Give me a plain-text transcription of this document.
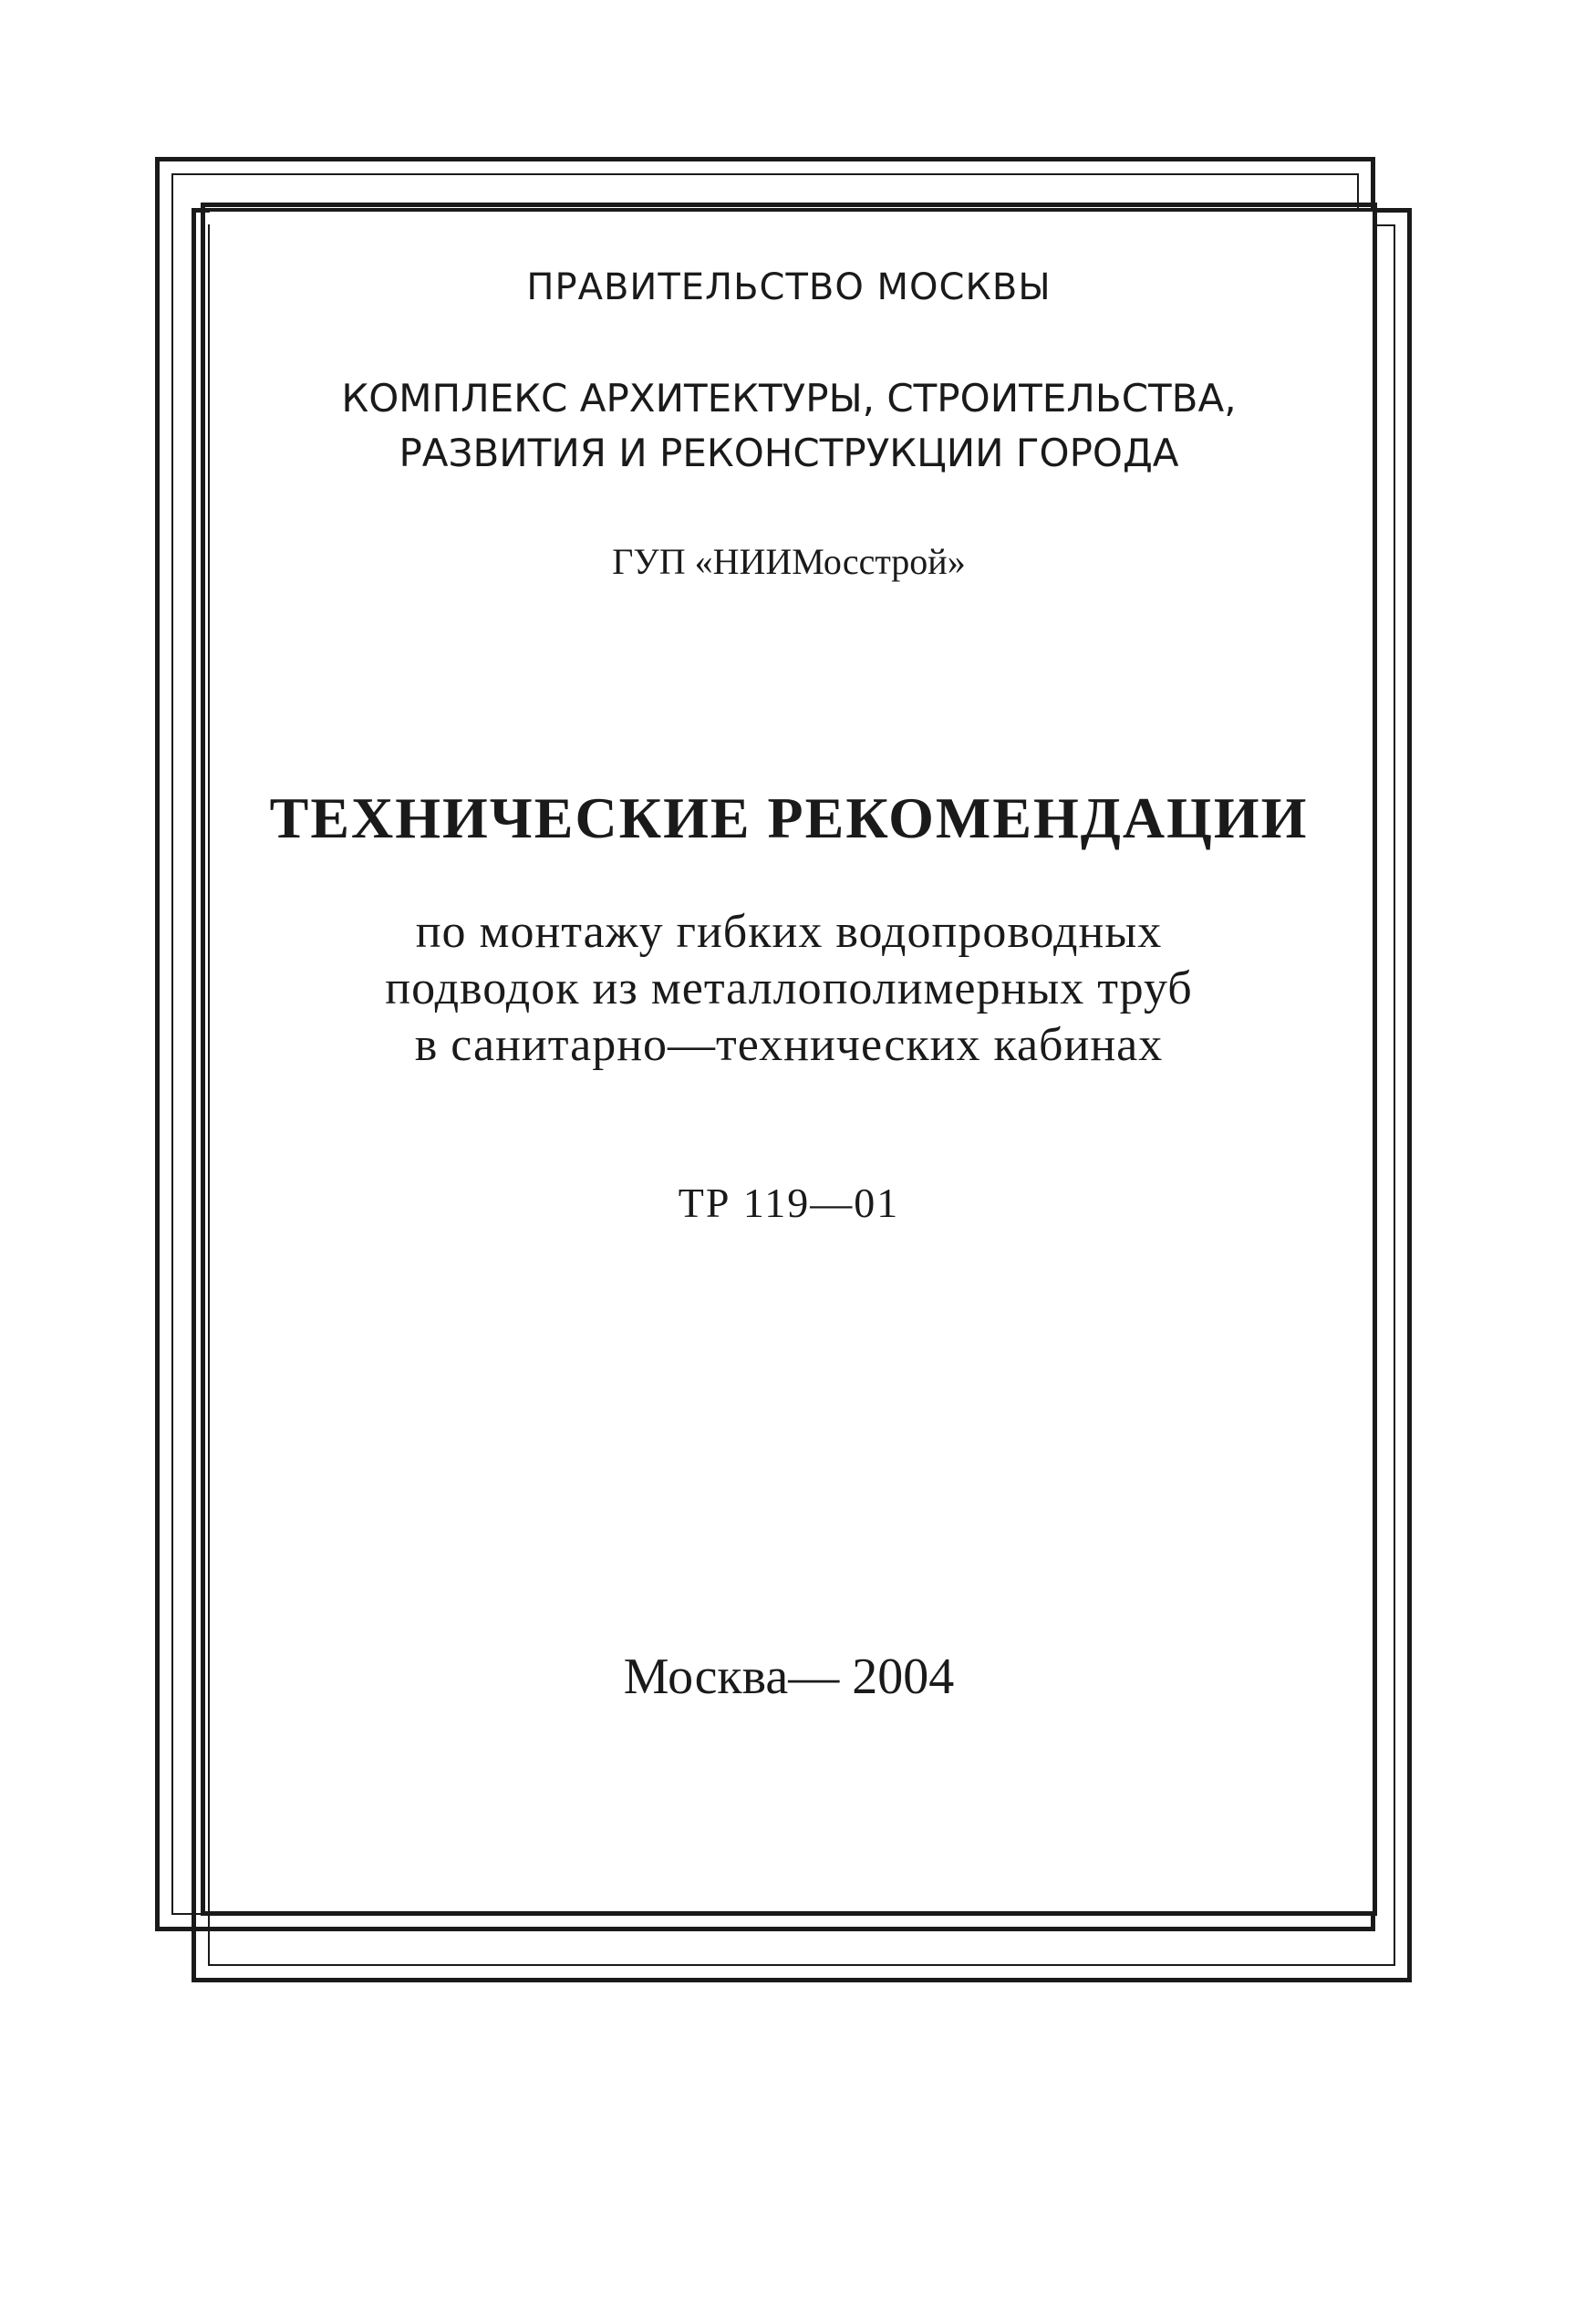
ПРАВИТЕЛЬСТВО МОСКВЫ
КОМПЛЕКС АРХИТЕКТУРЫ, СТРОИТЕЛЬСТВА,
РАЗВИТИЯ И РЕКОНСТРУКЦИИ ГОРОДА
ГУП «НИИМосстрой»
ТЕХНИЧЕСКИЕ РЕКОМЕНДАЦИИ
по монтажу гибких водопроводных
подводок из металлополимерных труб
в санитарно—технических кабинах
ТР 119—01
Москва— 2004
